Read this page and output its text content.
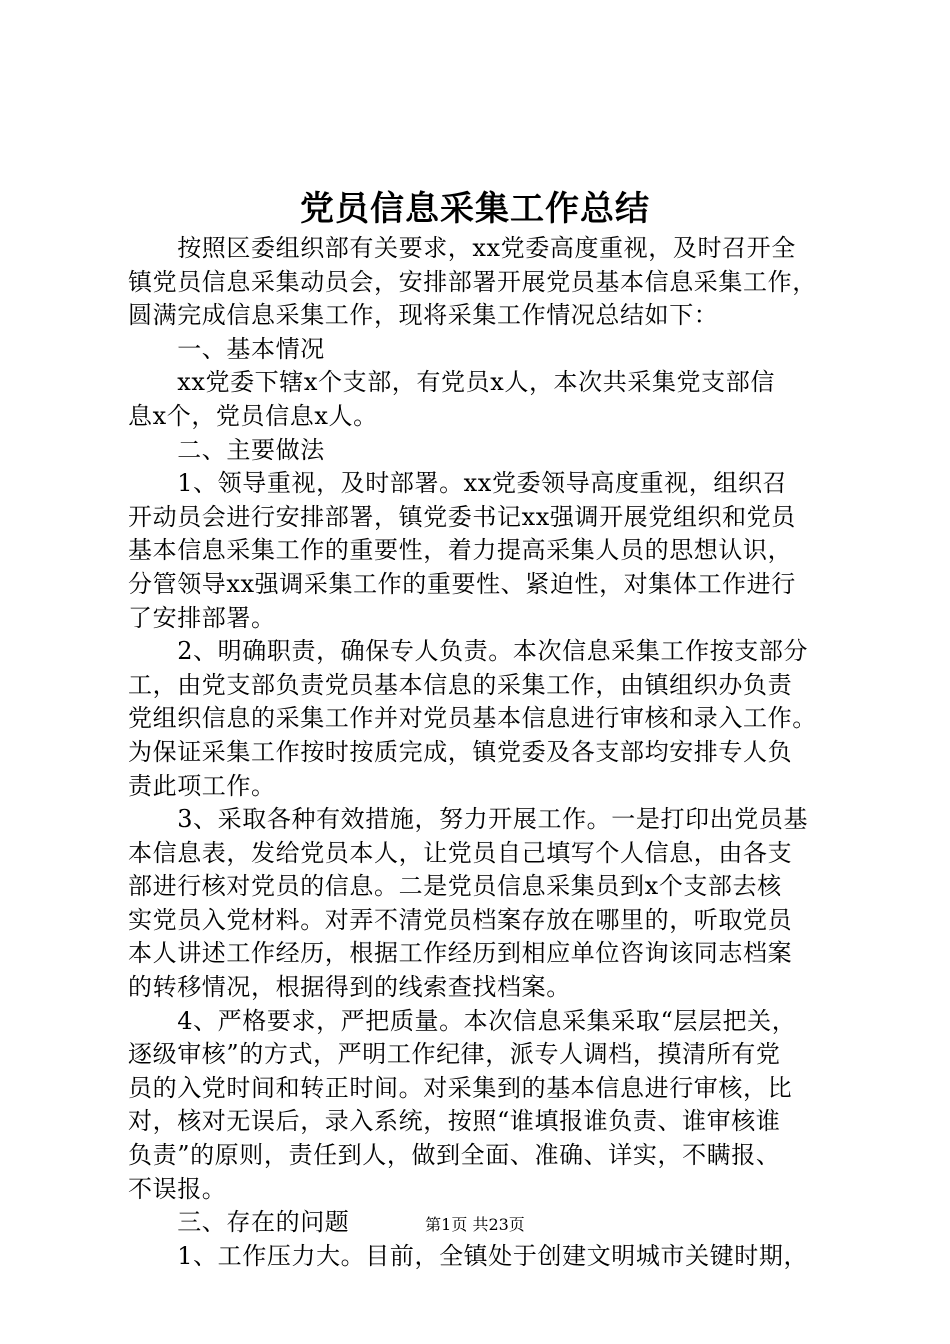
党员信息采集工作总结
　　按照区委组织部有关要求，xx党委高度重视，及时召开全
镇党员信息采集动员会，安排部署开展党员基本信息采集工作，
圆满完成信息采集工作，现将采集工作情况总结如下：
　　一、基本情况
　　xx党委下辖x个支部，有党员x人，本次共采集党支部信
息x个，党员信息x人。
　　二、主要做法
　　1、领导重视，及时部署。xx党委领导高度重视，组织召
开动员会进行安排部署，镇党委书记xx强调开展党组织和党员
基本信息采集工作的重要性，着力提高采集人员的思想认识，
分管领导xx强调采集工作的重要性、紧迫性，对集体工作进行
了安排部署。
　　2、明确职责，确保专人负责。本次信息采集工作按支部分
工，由党支部负责党员基本信息的采集工作，由镇组织办负责
党组织信息的采集工作并对党员基本信息进行审核和录入工作。
为保证采集工作按时按质完成，镇党委及各支部均安排专人负
责此项工作。
　　3、采取各种有效措施，努力开展工作。一是打印出党员基
本信息表，发给党员本人，让党员自己填写个人信息，由各支
部进行核对党员的信息。二是党员信息采集员到x个支部去核
实党员入党材料。对弄不清党员档案存放在哪里的，听取党员
本人讲述工作经历，根据工作经历到相应单位咨询该同志档案
的转移情况，根据得到的线索查找档案。
　　4、严格要求，严把质量。本次信息采集采取“层层把关，
逐级审核”的方式，严明工作纪律，派专人调档，摸清所有党
员的入党时间和转正时间。对采集到的基本信息进行审核，比
对，核对无误后，录入系统，按照“谁填报谁负责、谁审核谁
负责”的原则，责任到人，做到全面、准确、详实，不瞒报、
不误报。
　　三、存在的问题
　　1、工作压力大。目前，全镇处于创建文明城市关键时期，
第1页 共23页
